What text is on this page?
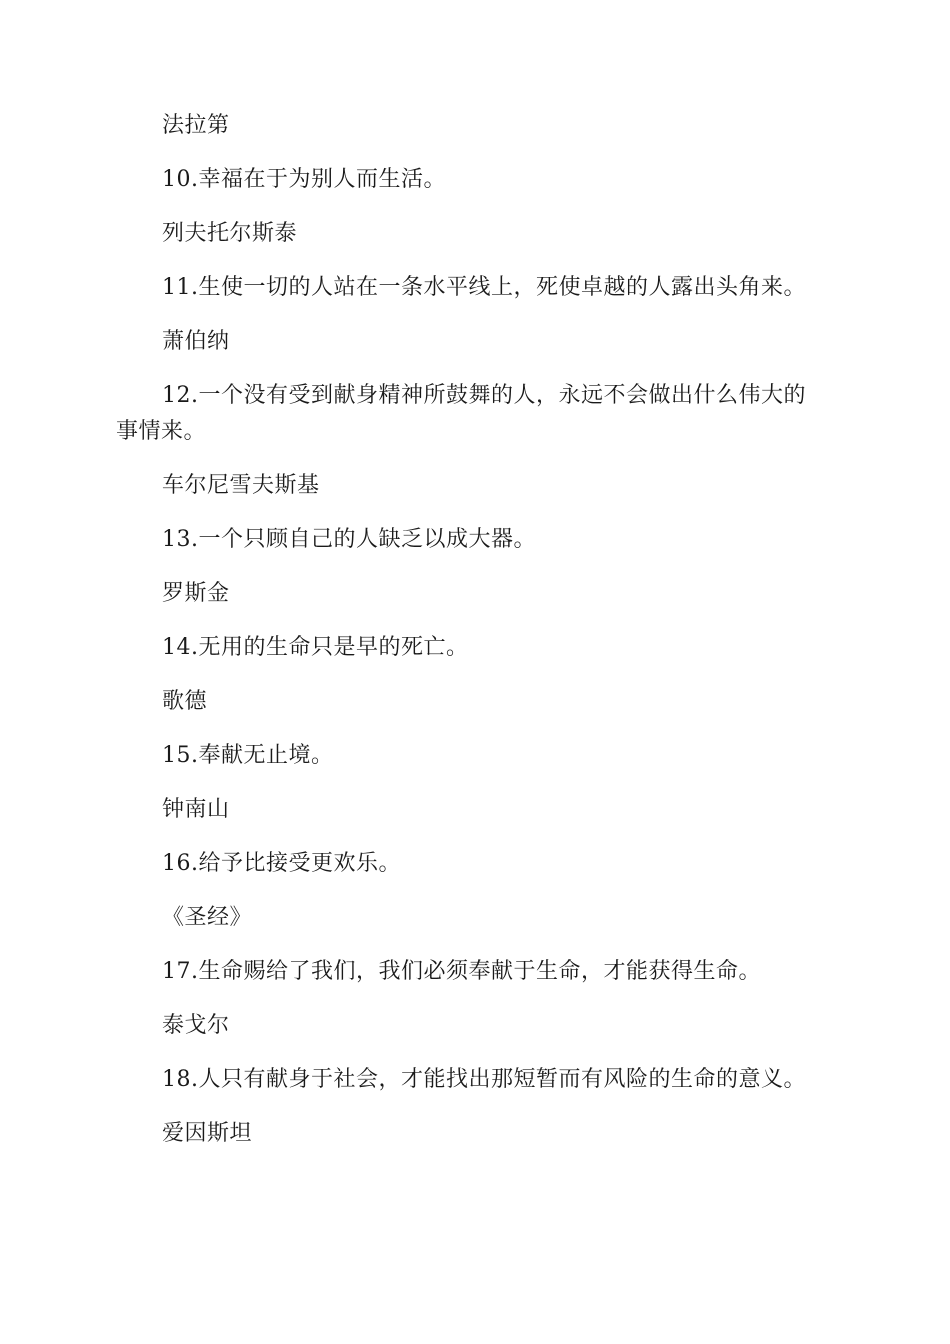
法拉第

10.幸福在于为别人而生活。

列夫托尔斯泰

11.生使一切的人站在一条水平线上，死使卓越的人露出头角来。

萧伯纳

12.一个没有受到献身精神所鼓舞的人，永远不会做出什么伟大的事情来。

车尔尼雪夫斯基

13.一个只顾自己的人缺乏以成大器。

罗斯金

14.无用的生命只是早的死亡。

歌德

15.奉献无止境。

钟南山

16.给予比接受更欢乐。

《圣经》

17.生命赐给了我们，我们必须奉献于生命，才能获得生命。

泰戈尔

18.人只有献身于社会，才能找出那短暂而有风险的生命的意义。

爱因斯坦
